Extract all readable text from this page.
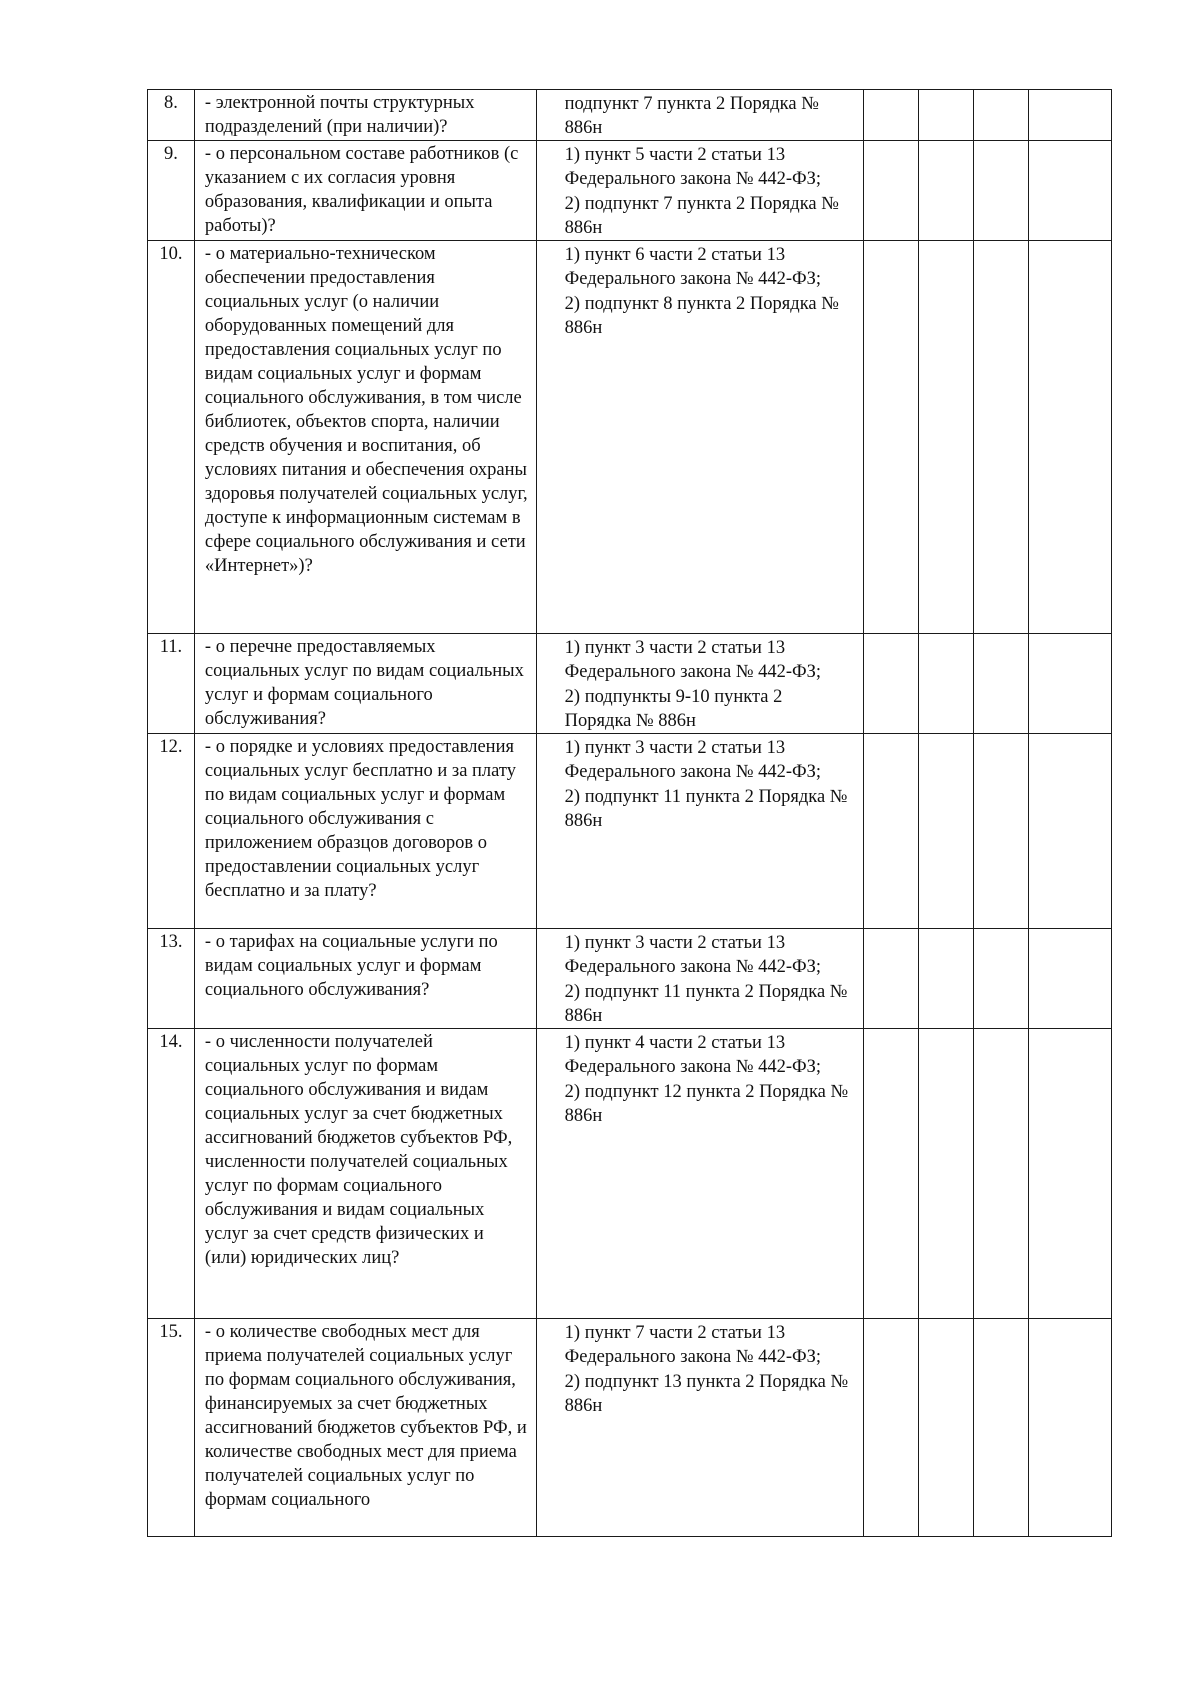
8.	- электронной почты структурных подразделений (при наличии)?	подпункт 7 пункта 2 Порядка № 886н				

9.	- о персональном составе работников (с указанием с их согласия уровня образования, квалификации и опыта работы)?	1) пункт 5 части 2 статьи 13 Федерального закона № 442-ФЗ;
2) подпункт 7 пункта 2 Порядка № 886н				

10.	- о материально-техническом обеспечении предоставления социальных услуг (о наличии оборудованных помещений для предоставления социальных услуг по видам социальных услуг и формам социального обслуживания, в том числе библиотек, объектов спорта, наличии средств обучения и воспитания, об условиях питания и обеспечения охраны здоровья получателей социальных услуг, доступе к информационным системам в сфере социального обслуживания и сети «Интернет»)?	1) пункт 6 части 2 статьи 13 Федерального закона № 442-ФЗ;
2) подпункт 8 пункта 2 Порядка № 886н				

11.	- о перечне предоставляемых социальных услуг по видам социальных услуг и формам социального обслуживания?	1) пункт 3 части 2 статьи 13 Федерального закона № 442-ФЗ;
2) подпункты 9-10 пункта 2 Порядка № 886н				

12.	- о порядке и условиях предоставления социальных услуг бесплатно и за плату по видам социальных услуг и формам социального обслуживания с приложением образцов договоров о предоставлении социальных услуг бесплатно и за плату?	1) пункт 3 части 2 статьи 13 Федерального закона № 442-ФЗ;
2) подпункт 11 пункта 2 Порядка № 886н				

13.	- о тарифах на социальные услуги по видам социальных услуг и формам социального обслуживания?	1) пункт 3 части 2 статьи 13 Федерального закона № 442-ФЗ;
2) подпункт 11 пункта 2 Порядка № 886н				

14.	- о численности получателей социальных услуг по формам социального обслуживания и видам социальных услуг за счет бюджетных ассигнований бюджетов субъектов РФ, численности получателей социальных услуг по формам социального обслуживания и видам социальных услуг за счет средств физических и (или) юридических лиц?	1) пункт 4 части 2 статьи 13 Федерального закона № 442-ФЗ;
2) подпункт 12 пункта 2 Порядка № 886н				

15.	- о количестве свободных мест для приема получателей социальных услуг по формам социального обслуживания, финансируемых за счет бюджетных ассигнований бюджетов субъектов РФ, и количестве свободных мест для приема получателей социальных услуг по формам социального	1) пункт 7 части 2 статьи 13 Федерального закона № 442-ФЗ;
2) подпункт 13 пункта 2 Порядка № 886н				
